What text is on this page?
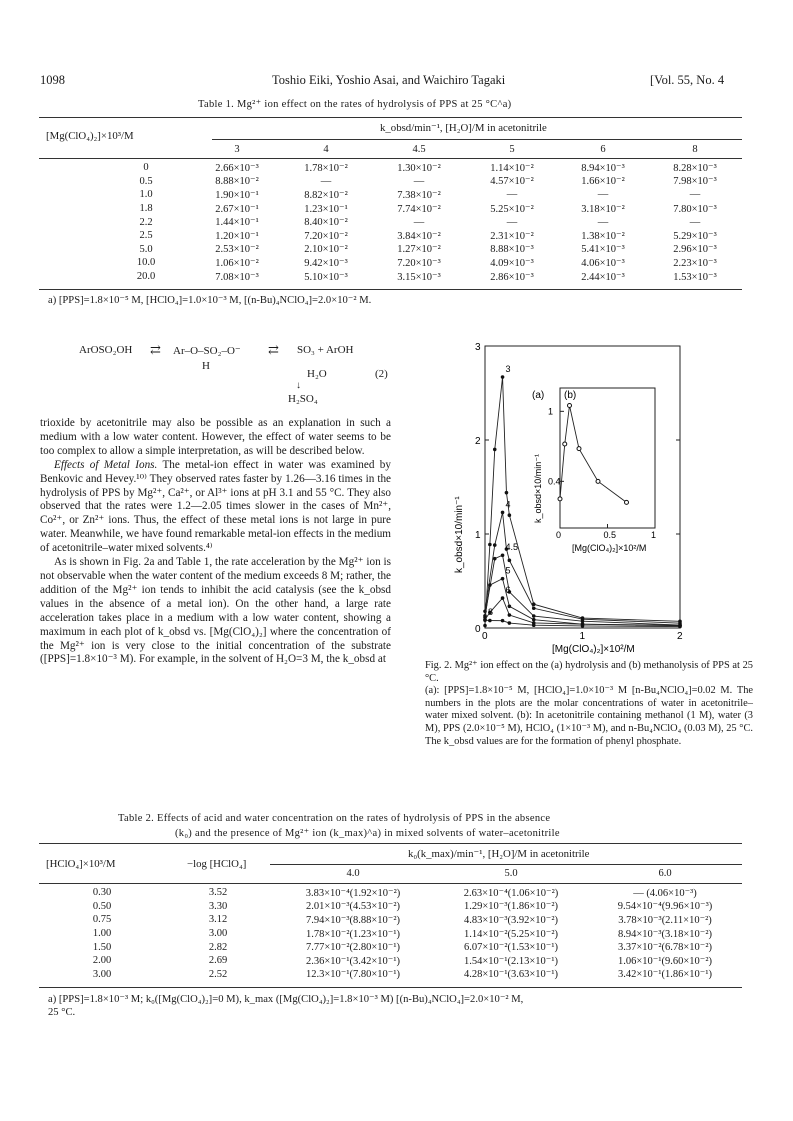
1098	Toshio Eiki, Yoshio Asai, and Waichiro Tagaki	[Vol. 55, No. 4
Table 1. Mg²⁺ ion effect on the rates of hydrolysis of PPS at 25 °C^a)
[Mg(ClO₄)₂]×10³/M
k_obsd/min⁻¹, [H₂O]/M in acetonitrile
	3	4	4.5	5	6	8
0	2.66×10⁻³	1.78×10⁻²	1.30×10⁻²	1.14×10⁻²	8.94×10⁻³	8.28×10⁻³
0.5	8.88×10⁻²	—	—	4.57×10⁻²	1.66×10⁻²	7.98×10⁻³
1.0	1.90×10⁻¹	8.82×10⁻²	7.38×10⁻²	—	—	—
1.8	2.67×10⁻¹	1.23×10⁻¹	7.74×10⁻²	5.25×10⁻²	3.18×10⁻²	7.80×10⁻³
2.2	1.44×10⁻¹	8.40×10⁻²	—	—	—	—
2.5	1.20×10⁻¹	7.20×10⁻²	3.84×10⁻²	2.31×10⁻²	1.38×10⁻²	5.29×10⁻³
5.0	2.53×10⁻²	2.10×10⁻²	1.27×10⁻²	8.88×10⁻³	5.41×10⁻³	2.96×10⁻³
10.0	1.06×10⁻²	9.42×10⁻³	7.20×10⁻³	4.09×10⁻³	4.06×10⁻³	2.23×10⁻³
20.0	7.08×10⁻³	5.10×10⁻³	3.15×10⁻³	2.86×10⁻³	2.44×10⁻³	1.53×10⁻³
a) [PPS]=1.8×10⁻⁵ M, [HClO₄]=1.0×10⁻³ M, [(n-Bu)₄NClO₄]=2.0×10⁻² M.
ArOSO₂OH ⇄ Ar–O–SO₂–O⁻ ⇄ SO₃ + ArOH
H
H₂O	(2)
↓
H₂SO₄

trioxide by acetonitrile may also be possible as an explanation in such a medium with a low water content. However, the effect of water seems to be too complex to allow a simple interpretation, as will be described below.

Effects of Metal Ions. The metal-ion effect in water was examined by Benkovic and Hevey.¹⁰⁾ They observed rates faster by 1.26—3.16 times in the hydrolysis of PPS by Mg²⁺, Ca²⁺, or Al³⁺ ions at pH 3.1 and 55 °C. They also observed that the rates were 1.2—2.05 times slower in the cases of Mn²⁺, Co²⁺, or Zn²⁺ ions. Thus, the effect of these metal ions is not large in pure water. Meanwhile, we have found remarkable metal-ion effects in the medium of acetonitrile–water mixed solvents.⁴⁾

As is shown in Fig. 2a and Table 1, the rate acceleration by the Mg²⁺ ion is not observable when the water content of the medium exceeds 8 M; rather, the addition of the Mg²⁺ ion tends to inhibit the acid catalysis (see the k_obsd values in the absence of a metal ion). On the other hand, a large rate acceleration takes place in a medium with a low water content, showing a maximum in each plot of k_obsd vs. [Mg(ClO₄)₂] where the concentration of the Mg²⁺ ion is very close to the initial concentration of the substrate ([PPS]=1.8×10⁻³ M). For example, in the solvent of H₂O=3 M, the k_obsd at

3
2
1
0
0	1	2
k_obsd×10/min⁻¹
[Mg(ClO₄)₂]×10²/M
(a)
3
4
4.5
5
6
8
(b)
1
0.4
0	0.5	1
k_obsd×10/min⁻¹
[Mg(ClO₄)₂]×10²/M

Fig. 2. Mg²⁺ ion effect on the (a) hydrolysis and (b) methanolysis of PPS at 25 °C.

(a): [PPS]=1.8×10⁻⁵ M, [HClO₄]=1.0×10⁻³ M [n-Bu₄NClO₄]=0.02 M. The numbers in the plots are the molar concentrations of water in acetonitrile–water mixed solvent. (b): In acetonitrile containing methanol (1 M), water (3 M), PPS (2.0×10⁻⁵ M), HClO₄ (1×10⁻³ M), and n-Bu₄NClO₄ (0.03 M), 25 °C. The k_obsd values are for the formation of phenyl phosphate.

Table 2. Effects of acid and water concentration on the rates of hydrolysis of PPS in the absence
(k₀) and the presence of Mg²⁺ ion (k_max)^a) in mixed solvents of water–acetonitrile
[HClO₄]×10³/M	−log [HClO₄]
k₀(k_max)/min⁻¹, [H₂O]/M in acetonitrile
		4.0	5.0	6.0
0.30	3.52	3.83×10⁻⁴(1.92×10⁻²)	2.63×10⁻⁴(1.06×10⁻²)	— (4.06×10⁻³)
0.50	3.30	2.01×10⁻³(4.53×10⁻²)	1.29×10⁻³(1.86×10⁻²)	9.54×10⁻⁴(9.96×10⁻³)
0.75	3.12	7.94×10⁻³(8.88×10⁻²)	4.83×10⁻³(3.92×10⁻²)	3.78×10⁻³(2.11×10⁻²)
1.00	3.00	1.78×10⁻²(1.23×10⁻¹)	1.14×10⁻²(5.25×10⁻²)	8.94×10⁻³(3.18×10⁻²)
1.50	2.82	7.77×10⁻²(2.80×10⁻¹)	6.07×10⁻²(1.53×10⁻¹)	3.37×10⁻²(6.78×10⁻²)
2.00	2.69	2.36×10⁻¹(3.42×10⁻¹)	1.54×10⁻¹(2.13×10⁻¹)	1.06×10⁻¹(9.60×10⁻²)
3.00	2.52	12.3×10⁻¹(7.80×10⁻¹)	4.28×10⁻¹(3.63×10⁻¹)	3.42×10⁻¹(1.86×10⁻¹)
a) [PPS]=1.8×10⁻³ M; k₀([Mg(ClO₄)₂]=0 M), k_max ([Mg(ClO₄)₂]=1.8×10⁻³ M) [(n-Bu)₄NClO₄]=2.0×10⁻² M,
25 °C.
